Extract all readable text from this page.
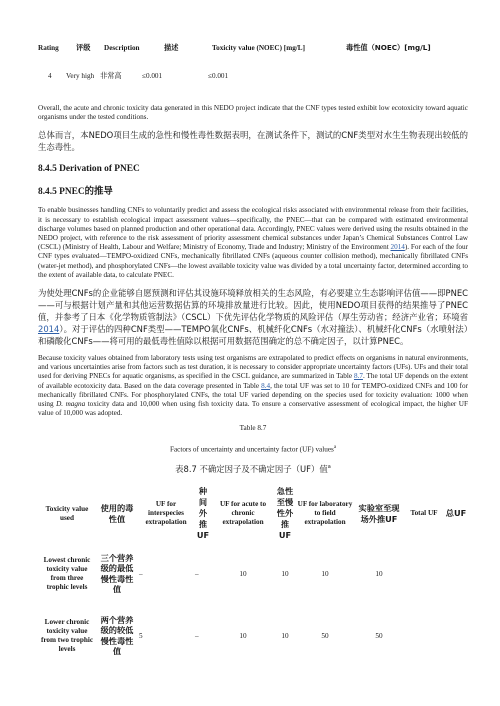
Rating	评级	Description	描述	Toxicity value (NOEC) [mg/L]	毒性值（NOEC）[mg/L]
4	Very high 非常高	≤0.001	≤0.001

Overall, the acute and chronic toxicity data generated in this NEDO project indicate that the CNF types tested exhibit low ecotoxicity toward aquatic organisms under the tested conditions.

总体而言，本NEDO项目生成的急性和慢性毒性数据表明，在测试条件下，测试的CNF类型对水生生物表现出较低的生态毒性。

8.4.5 Derivation of PNEC

8.4.5 PNEC的推导

To enable businesses handling CNFs to voluntarily predict and assess the ecological risks associated with environmental release from their facilities, it is necessary to establish ecological impact assessment values—specifically, the PNEC—that can be compared with estimated environmental discharge volumes based on planned production and other operational data. Accordingly, PNEC values were derived using the results obtained in the NEDO project, with reference to the risk assessment of priority assessment chemical substances under Japan’s Chemical Substances Control Law (CSCL) (Ministry of Health, Labour and Welfare; Ministry of Economy, Trade and Industry; Ministry of the Environment 2014). For each of the four CNF types evaluated—TEMPO-oxidized CNFs, mechanically fibrillated CNFs (aqueous counter collision method), mechanically fibrillated CNFs (water-jet method), and phosphorylated CNFs—the lowest available toxicity value was divided by a total uncertainty factor, determined according to the extent of available data, to calculate PNEC.

为使处理CNFs的企业能够自愿预测和评估其设施环境释放相关的生态风险，有必要建立生态影响评估值——即PNEC——可与根据计划产量和其他运营数据估算的环境排放量进行比较。因此，使用NEDO项目获得的结果推导了PNEC值，并参考了日本《化学物质管制法》（CSCL）下优先评估化学物质的风险评估（厚生劳动省；经济产业省；环境省2014）。对于评估的四种CNF类型——TEMPO氧化CNFs、机械纤化CNFs（水对撞法）、机械纤化CNFs（水喷射法）和磷酸化CNFs——将可用的最低毒性值除以根据可用数据范围确定的总不确定因子，以计算PNEC。

Because toxicity values obtained from laboratory tests using test organisms are extrapolated to predict effects on organisms in natural environments, and various uncertainties arise from factors such as test duration, it is necessary to consider appropriate uncertainty factors (UFs). UFs and their total used for deriving PNECs for aquatic organisms, as specified in the CSCL guidance, are summarized in Table 8.7. The total UF depends on the extent of available ecotoxicity data. Based on the data coverage presented in Table 8.4, the total UF was set to 10 for TEMPO-oxidized CNFs and 100 for mechanically fibrillated CNFs. For phosphorylated CNFs, the total UF varied depending on the species used for toxicity evaluation: 1000 when using D. magna toxicity data and 10,000 when using fish toxicity data. To ensure a conservative assessment of ecological impact, the higher UF value of 10,000 was adopted.

Table 8.7

Factors of uncertainty and uncertainty factor (UF) values$^a$

表8.7 不确定因子及不确定因子（UF）值$^a$

Toxicity value used	使用的毒性值	UF for interspecies extrapolation	种间外推UF	UF for acute to chronic extrapolation	急性至慢性外推UF	UF for laboratory to field extrapolation	实验室至现场外推UF	Total UF	总UF
Lowest chronic toxicity value from three trophic levels	三个营养级的最低慢性毒性值	–	–	10	10	10	10		
Lower chronic toxicity value from two trophic levels	两个营养级的较低慢性毒性值	5	–	10	10	50	50		
